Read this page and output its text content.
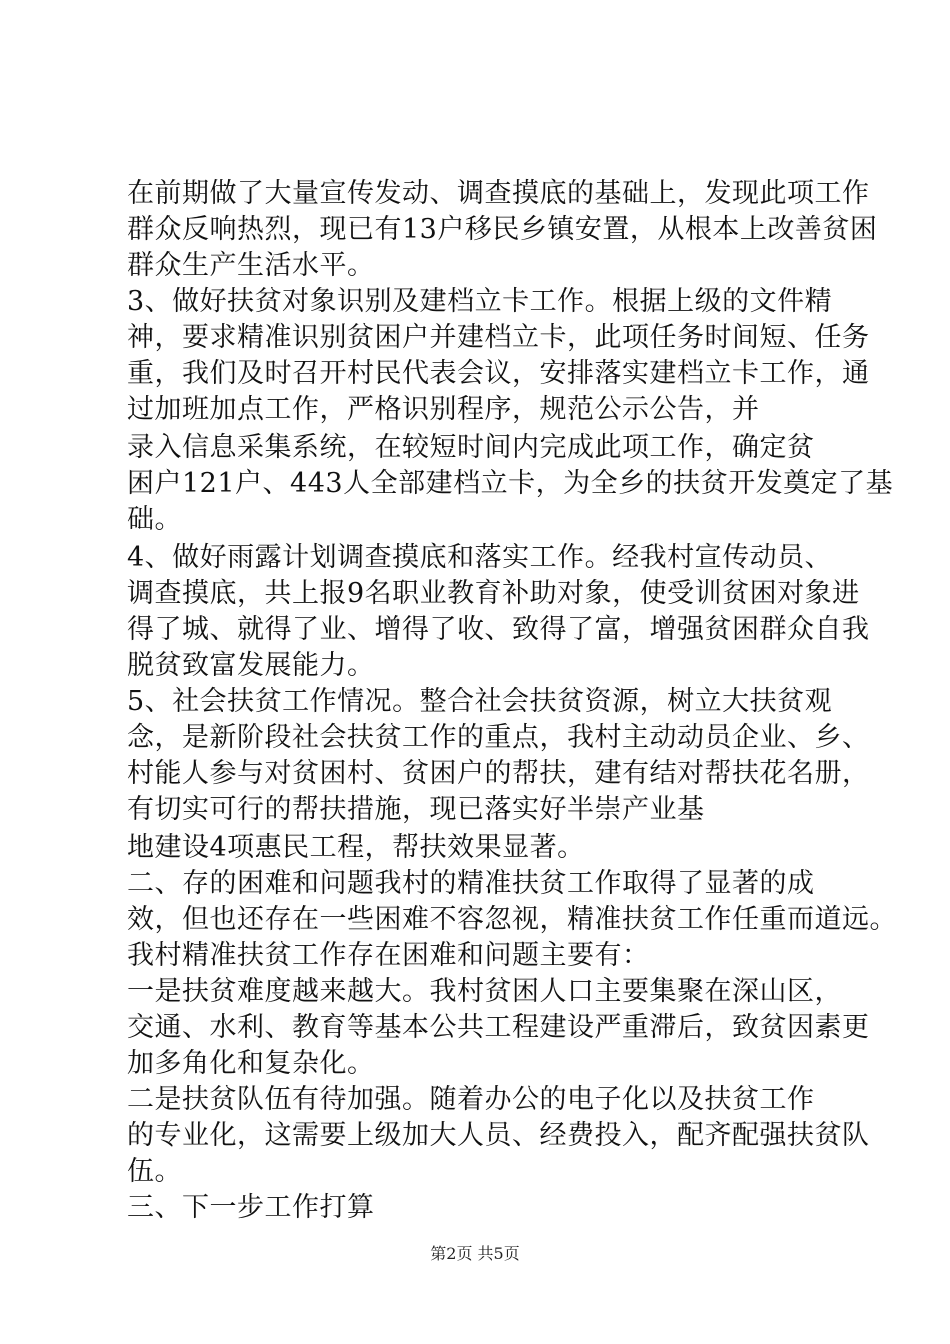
在前期做了大量宣传发动、调查摸底的基础上，发现此项工作
群众反响热烈，现已有13户移民乡镇安置，从根本上改善贫困
群众生产生活水平。
3、做好扶贫对象识别及建档立卡工作。根据上级的文件精
神，要求精准识别贫困户并建档立卡，此项任务时间短、任务
重，我们及时召开村民代表会议，安排落实建档立卡工作，通
过加班加点工作，严格识别程序，规范公示公告，并
录入信息采集系统，在较短时间内完成此项工作，确定贫
困户121户、443人全部建档立卡，为全乡的扶贫开发奠定了基
础。
4、做好雨露计划调查摸底和落实工作。经我村宣传动员、
调查摸底，共上报9名职业教育补助对象，使受训贫困对象进
得了城、就得了业、增得了收、致得了富，增强贫困群众自我
脱贫致富发展能力。
5、社会扶贫工作情况。整合社会扶贫资源，树立大扶贫观
念，是新阶段社会扶贫工作的重点，我村主动动员企业、乡、
村能人参与对贫困村、贫困户的帮扶，建有结对帮扶花名册，
有切实可行的帮扶措施，现已落实好半崇产业基
地建设4项惠民工程，帮扶效果显著。
二、存的困难和问题我村的精准扶贫工作取得了显著的成
效，但也还存在一些困难不容忽视，精准扶贫工作任重而道远。
我村精准扶贫工作存在困难和问题主要有：
一是扶贫难度越来越大。我村贫困人口主要集聚在深山区，
交通、水利、教育等基本公共工程建设严重滞后，致贫因素更
加多角化和复杂化。
二是扶贫队伍有待加强。随着办公的电子化以及扶贫工作
的专业化，这需要上级加大人员、经费投入，配齐配强扶贫队
伍。
三、下一步工作打算
第2页 共5页
